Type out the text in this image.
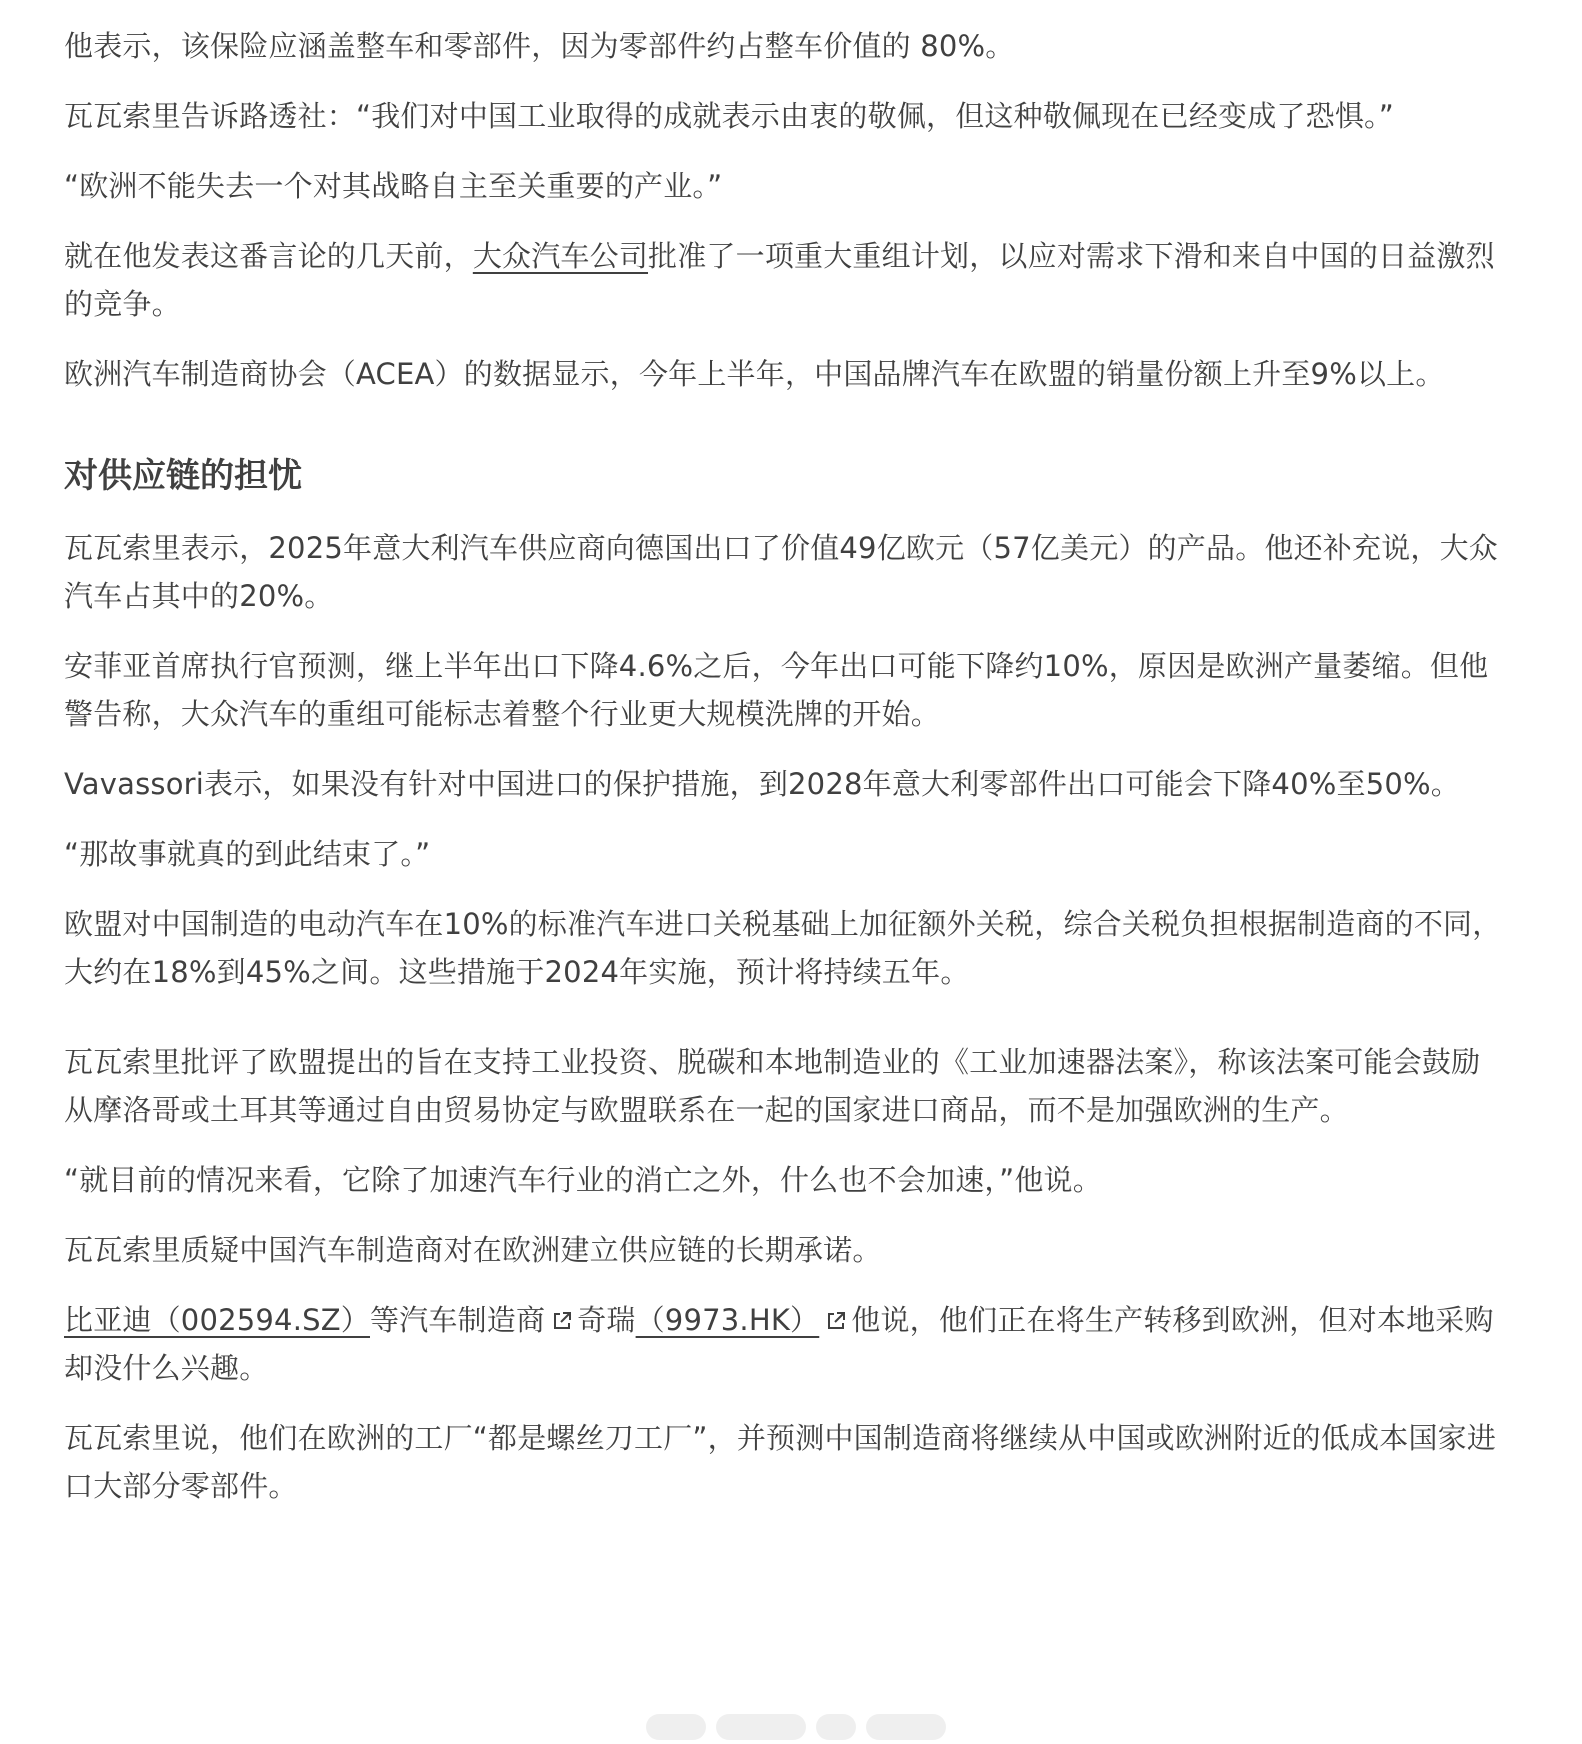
他表示，该保险应涵盖整车和零部件，因为零部件约占整车价值的 80%。

瓦瓦索里告诉路透社：“我们对中国工业取得的成就表示由衷的敬佩，但这种敬佩现在已经变成了恐惧。”

“欧洲不能失去一个对其战略自主至关重要的产业。”

就在他发表这番言论的几天前，大众汽车公司批准了一项重大重组计划，以应对需求下滑和来自中国的日益激烈的竞争。

欧洲汽车制造商协会（ACEA）的数据显示，今年上半年，中国品牌汽车在欧盟的销量份额上升至9%以上。

对供应链的担忧

瓦瓦索里表示，2025年意大利汽车供应商向德国出口了价值49亿欧元（57亿美元）的产品。他还补充说，大众汽车占其中的20%。

安菲亚首席执行官预测，继上半年出口下降4.6%之后，今年出口可能下降约10%，原因是欧洲产量萎缩。但他警告称，大众汽车的重组可能标志着整个行业更大规模洗牌的开始。

Vavassori表示，如果没有针对中国进口的保护措施，到2028年意大利零部件出口可能会下降40%至50%。

“那故事就真的到此结束了。”

欧盟对中国制造的电动汽车在10%的标准汽车进口关税基础上加征额外关税，综合关税负担根据制造商的不同，大约在18%到45%之间。这些措施于2024年实施，预计将持续五年。

瓦瓦索里批评了欧盟提出的旨在支持工业投资、脱碳和本地制造业的《工业加速器法案》，称该法案可能会鼓励从摩洛哥或土耳其等通过自由贸易协定与欧盟联系在一起的国家进口商品，而不是加强欧洲的生产。

“就目前的情况来看，它除了加速汽车行业的消亡之外，什么也不会加速，”他说。

瓦瓦索里质疑中国汽车制造商对在欧洲建立供应链的长期承诺。

比亚迪（002594.SZ）等汽车制造商 奇瑞（9973.HK） 他说，他们正在将生产转移到欧洲，但对本地采购却没什么兴趣。

瓦瓦索里说，他们在欧洲的工厂“都是螺丝刀工厂”，并预测中国制造商将继续从中国或欧洲附近的低成本国家进口大部分零部件。
